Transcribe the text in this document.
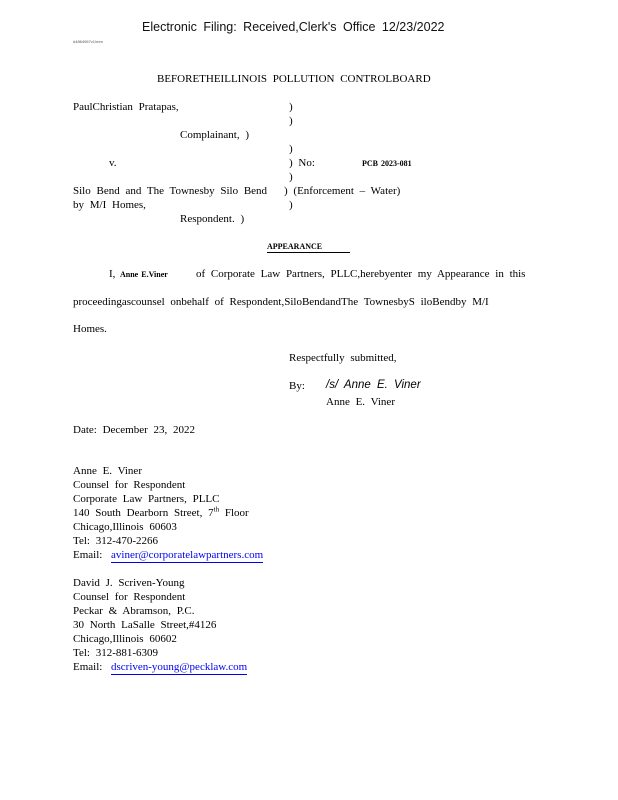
Electronic Filing: Received,Clerk's Office 12/23/2022
#4864967v1\mm
BEFORETHEILLINOIS POLLUTION CONTROLBOARD
PaulChristian Pratapas,	)
)
Complainant, )
)
v.	) No:	PCB 2023-081
)
Silo Bend and The Townesby Silo Bend ) (Enforcement – Water)
by M/I Homes,	)
Respondent. )
APPEARANCE
I, Anne E.Viner	of Corporate Law Partners, PLLC,herebyenter my Appearance in this
proceedingascounsel onbehalf of Respondent,SiloBendandThe TownesbyS iloBendby M/I
Homes.
Respectfully submitted,
By: /s/ Anne E. Viner
Anne E. Viner
Date: December 23, 2022
Anne E. Viner
Counsel for Respondent
Corporate Law Partners, PLLC
140 South Dearborn Street, 7th Floor
Chicago,Illinois 60603
Tel: 312-470-2266
Email: aviner@corporatelawpartners.com
David J. Scriven-Young
Counsel for Respondent
Peckar & Abramson, P.C.
30 North LaSalle Street,#4126
Chicago,Illinois 60602
Tel: 312-881-6309
Email: dscriven-young@pecklaw.com
